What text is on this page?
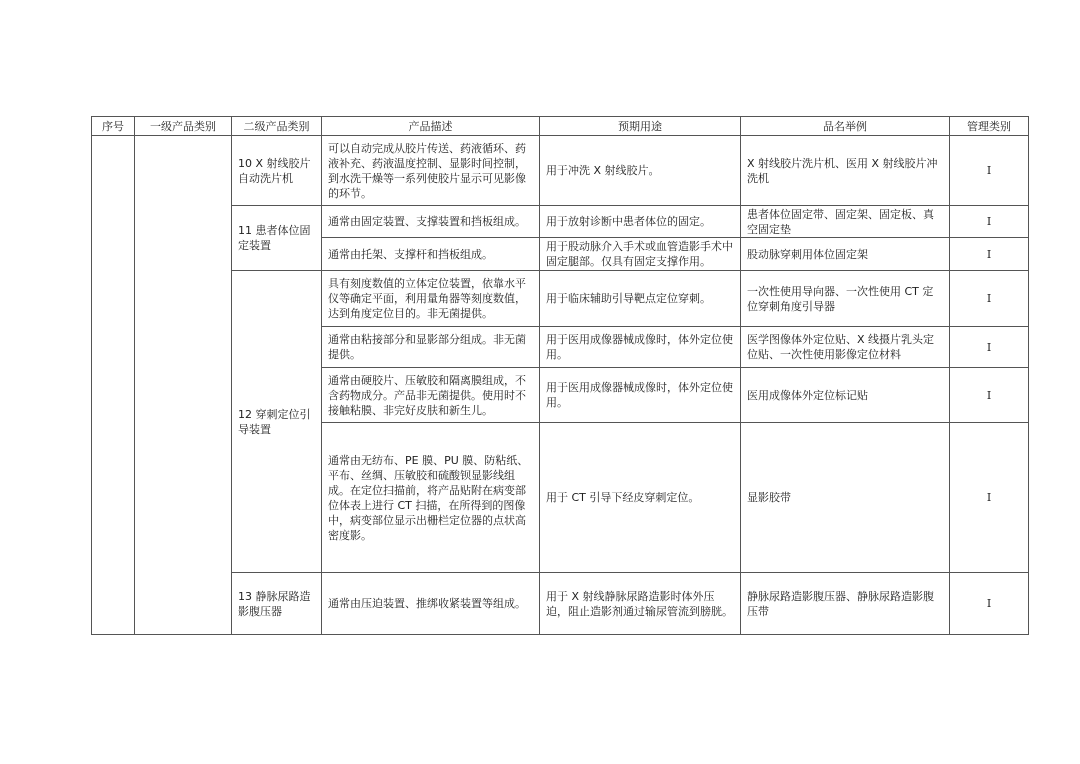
序号	一级产品类别	二级产品类别	产品描述	预期用途	品名举例	管理类别
		10 X 射线胶片自动洗片机	可以自动完成从胶片传送、药液循环、药液补充、药液温度控制、显影时间控制，到水洗干燥等一系列使胶片显示可见影像的环节。	用于冲洗 X 射线胶片。	X 射线胶片洗片机、医用 X 射线胶片冲洗机	I
		11 患者体位固定装置	通常由固定装置、支撑装置和挡板组成。	用于放射诊断中患者体位的固定。	患者体位固定带、固定架、固定板、真空固定垫	I
			通常由托架、支撑杆和挡板组成。	用于股动脉介入手术或血管造影手术中固定腿部。仅具有固定支撑作用。	股动脉穿刺用体位固定架	I
		12 穿刺定位引导装置	具有刻度数值的立体定位装置，依靠水平仪等确定平面，利用量角器等刻度数值，达到角度定位目的。非无菌提供。	用于临床辅助引导靶点定位穿刺。	一次性使用导向器、一次性使用 CT 定位穿刺角度引导器	I
			通常由粘接部分和显影部分组成。非无菌提供。	用于医用成像器械成像时，体外定位使用。	医学图像体外定位贴、X 线摄片乳头定位贴、一次性使用影像定位材料	I
			通常由硬胶片、压敏胶和隔离膜组成，不含药物成分。产品非无菌提供。使用时不接触粘膜、非完好皮肤和新生儿。	用于医用成像器械成像时，体外定位使用。	医用成像体外定位标记贴	I
			通常由无纺布、PE 膜、PU 膜、防粘纸、平布、丝绸、压敏胶和硫酸钡显影线组成。在定位扫描前，将产品贴附在病变部位体表上进行 CT 扫描，在所得到的图像中，病变部位显示出栅栏定位器的点状高密度影。	用于 CT 引导下经皮穿刺定位。	显影胶带	I
		13 静脉尿路造影腹压器	通常由压迫装置、推绑收紧装置等组成。	用于 X 射线静脉尿路造影时体外压迫，阻止造影剂通过输尿管流到膀胱。	静脉尿路造影腹压器、静脉尿路造影腹压带	I
